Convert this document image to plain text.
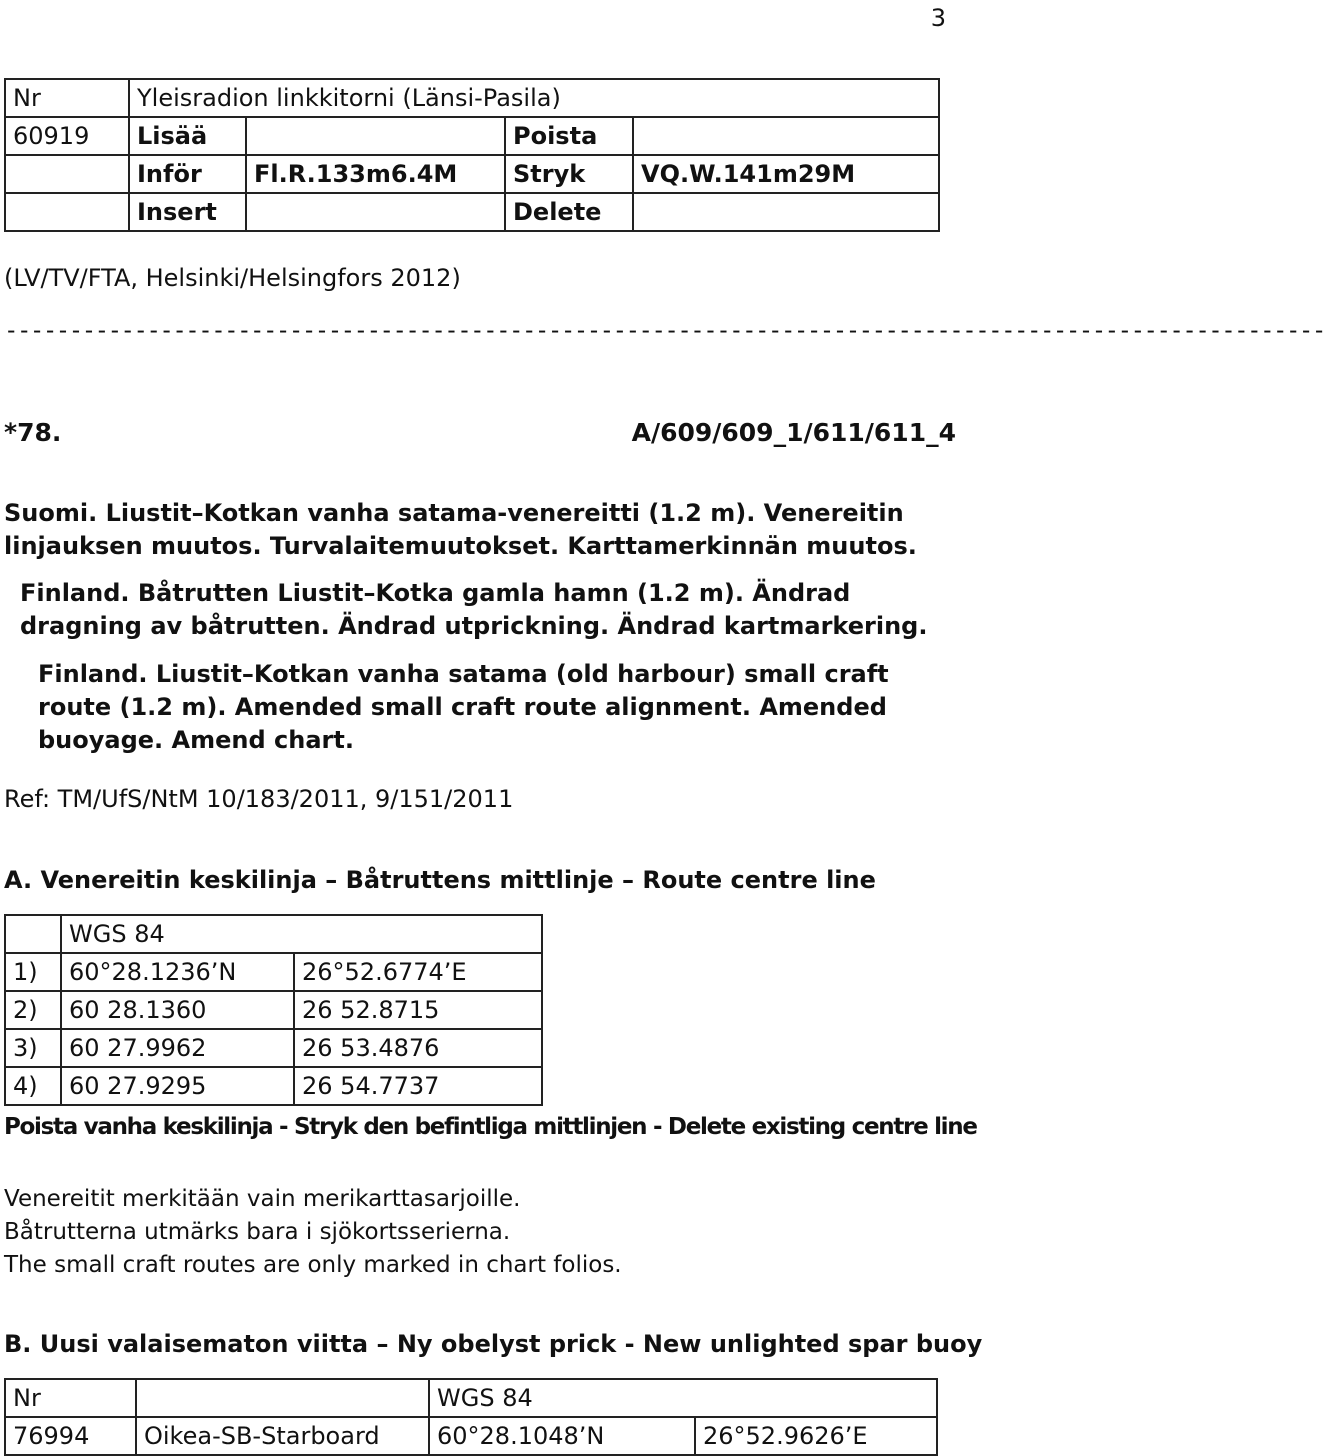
3
Nr	Yleisradion linkkitorni (Länsi-Pasila)			
60919	Lisää		Poista	
	Inför	Fl.R.133m6.4M	Stryk	VQ.W.141m29M
	Insert		Delete	
(LV/TV/FTA, Helsinki/Helsingfors 2012)
------------------------------------------------------------------------------------------------------
*78.	A/609/609_1/611/611_4
Suomi. Liustit–Kotkan vanha satama-venereitti (1.2 m). Venereitin linjauksen muutos. Turvalaitemuutokset. Karttamerkinnän muutos.
Finland. Båtrutten Liustit–Kotka gamla hamn (1.2 m). Ändrad dragning av båtrutten. Ändrad utprickning. Ändrad kartmarkering.
Finland. Liustit–Kotkan vanha satama (old harbour) small craft route (1.2 m). Amended small craft route alignment. Amended buoyage. Amend chart.
Ref: TM/UfS/NtM 10/183/2011, 9/151/2011
A. Venereitin keskilinja – Båtruttens mittlinje – Route centre line
	WGS 84	
1)	60°28.1236’N	26°52.6774’E
2)	60 28.1360	26 52.8715
3)	60 27.9962	26 53.4876
4)	60 27.9295	26 54.7737
Poista vanha keskilinja - Stryk den befintliga mittlinjen - Delete existing centre line
Venereitit merkitään vain merikarttasarjoille.
Båtrutterna utmärks bara i sjökortsserierna.
The small craft routes are only marked in chart folios.
B. Uusi valaisematon viitta – Ny obelyst prick - New unlighted spar buoy
Nr		WGS 84	
76994	Oikea-SB-Starboard	60°28.1048’N	26°52.9626’E
